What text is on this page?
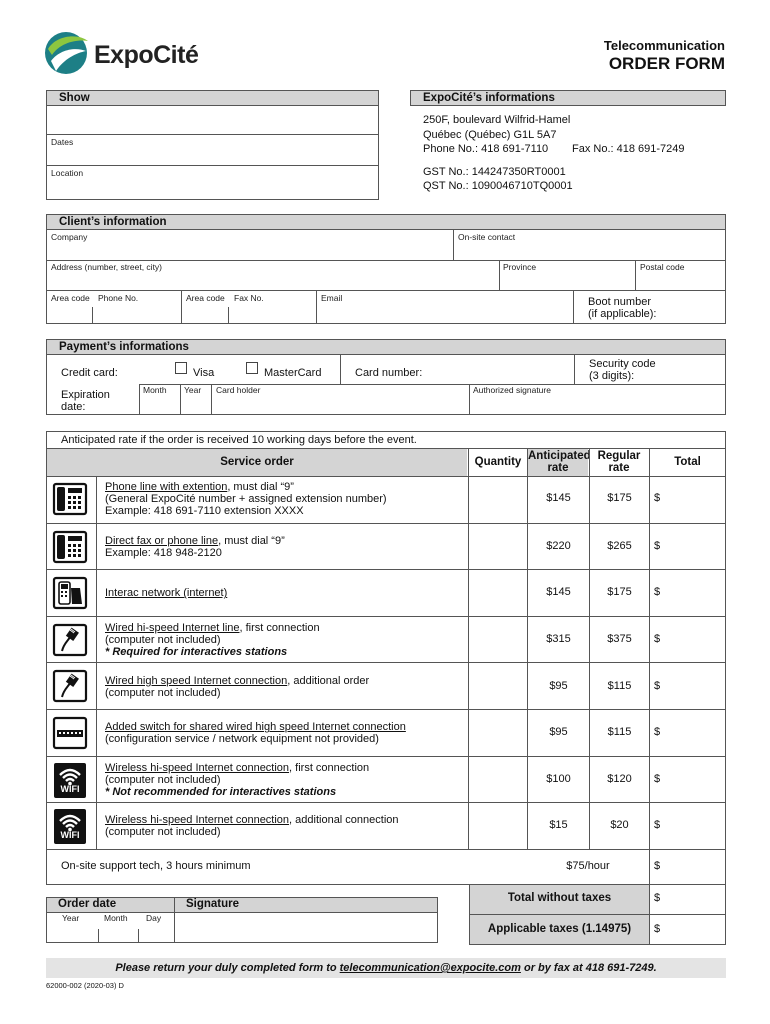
ExpoCité	Telecommunication
ORDER FORM
Show
Dates
Location
ExpoCité’s informations
250F, boulevard Wilfrid-Hamel
Québec (Québec) G1L 5A7
Phone No.: 418 691-7110 Fax No.: 418 691-7249
GST No.: 144247350RT0001
QST No.: 1090046710TQ0001
Client’s information
Company	On-site contact
Address (number, street, city)	Province	Postal code
Area code Phone No.	Area code Fax No.	Email	Boot number
(if applicable):
Payment’s informations
Credit card:	Visa	MasterCard	Card number:
Security code
(3 digits):
Expiration
date:
Month Year Card holder	Authorized signature
Anticipated rate if the order is received 10 working days before the event.
Service order	Quantity Anticipated
rate
Regular
rate	Total
Phone line with extention, must dial “9”
(General ExpoCité number + assigned extension number)
Example: 418 691-7110 extension XXXX
$145	$175	$
Direct fax or phone line, must dial “9”
Example: 418 948-2120
$220	$265	$
Interac network (internet)	$145	$175	$
Wired hi-speed Internet line, first connection
(computer not included)
* Required for interactives stations
$315	$375	$
Wired high speed Internet connection, additional order
(computer not included)
$95	$115	$
Added switch for shared wired high speed Internet connection
(configuration service / network equipment not provided)
$95	$115	$
WIFI
Wireless hi-speed Internet connection, first connection
(computer not included)
* Not recommended for interactives stations
$100	$120	$
WIFI
Wireless hi-speed Internet connection, additional connection
(computer not included)
$15	$20	$
On-site support tech, 3 hours minimum	$75/hour	$
Total without taxes	$
Applicable taxes (1.14975)	$
Order date	Signature
Year	Month Day
Please return your duly completed form to telecommunication@expocite.com or by fax at 418 691-7249.
62000-002 (2020-03) D
